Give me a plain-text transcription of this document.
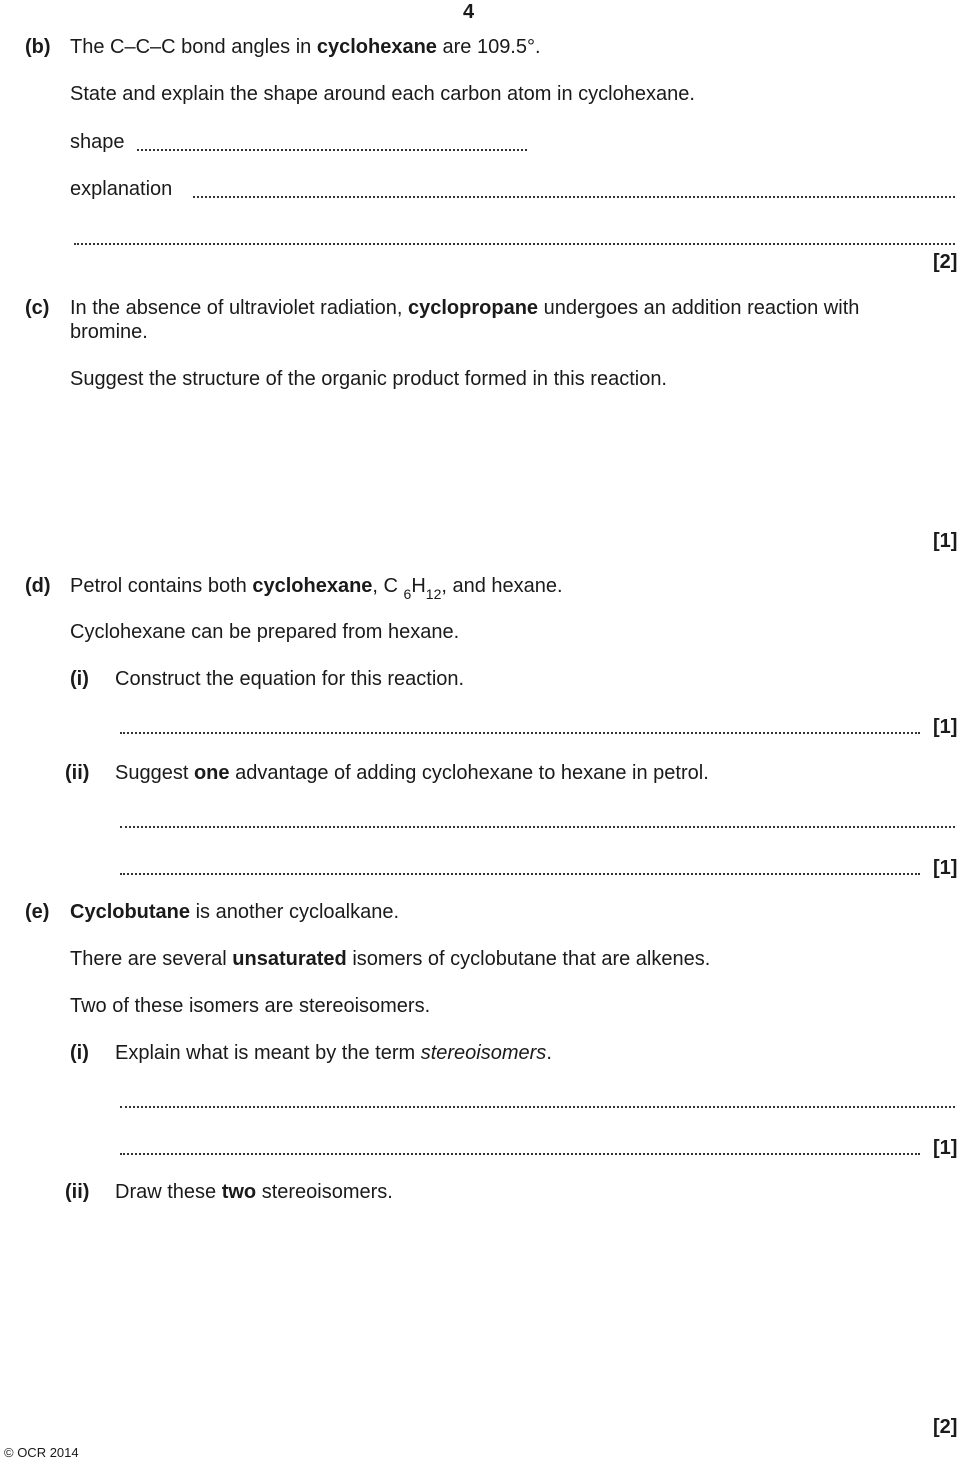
4
(b) The C–C–C bond angles in cyclohexane are 109.5°.
State and explain the shape around each carbon atom in cyclohexane.
shape
explanation
[2]
(c) In the absence of ultraviolet radiation, cyclopropane undergoes an addition reaction with
bromine.
Suggest the structure of the organic product formed in this reaction.
[1]
(d) Petrol contains both cyclohexane, C $_6H_{12}$, and hexane.
Cyclohexane can be prepared from hexane.
(i) Construct the equation for this reaction.
[1]
(ii) Suggest one advantage of adding cyclohexane to hexane in petrol.
[1]
(e) Cyclobutane is another cycloalkane.
There are several unsaturated isomers of cyclobutane that are alkenes.
Two of these isomers are stereoisomers.
(i) Explain what is meant by the term stereoisomers.
[1]
(ii) Draw these two stereoisomers.
[2]
© OCR 2014
